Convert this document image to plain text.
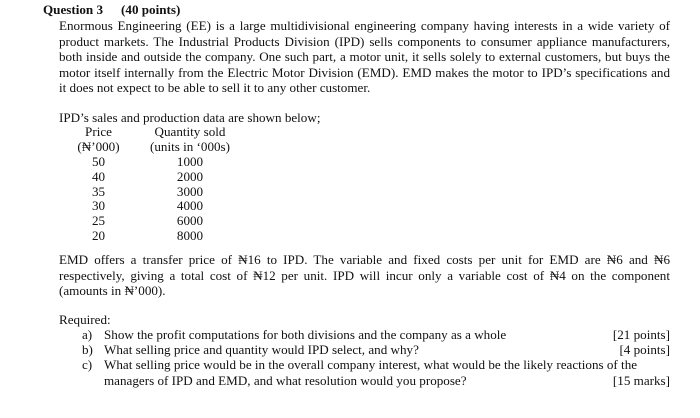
Question 3 (40 points)

Enormous Engineering (EE) is a large multidivisional engineering company having interests in a wide variety of product markets. The Industrial Products Division (IPD) sells components to consumer appliance manufacturers, both inside and outside the company. One such part, a motor unit, it sells solely to external customers, but buys the motor itself internally from the Electric Motor Division (EMD). EMD makes the motor to IPD’s specifications and it does not expect to be able to sell it to any other customer.

IPD’s sales and production data are shown below;

Price	Quantity sold
(₦’000)	(units in ‘000s)
50	1000
40	2000
35	3000
30	4000
25	6000
20	8000

EMD offers a transfer price of ₦16 to IPD. The variable and fixed costs per unit for EMD are ₦6 and ₦6 respectively, giving a total cost of ₦12 per unit. IPD will incur only a variable cost of ₦4 on the component (amounts in ₦’000).

Required:

a) Show the profit computations for both divisions and the company as a whole	[21 points]
b) What selling price and quantity would IPD select, and why?	[4 points]
c) What selling price would be in the overall company interest, what would be the likely reactions of the
managers of IPD and EMD, and what resolution would you propose?	[15 marks]
